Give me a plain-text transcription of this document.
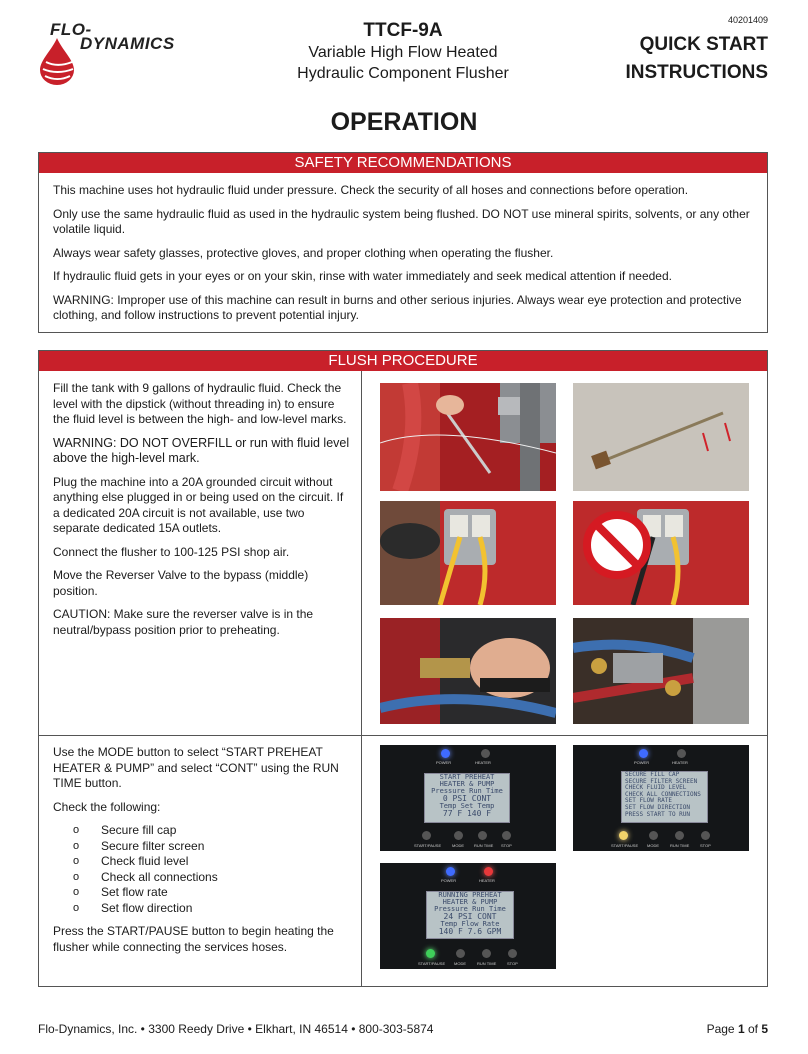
FLO-
DYNAMICS
TTCF-9A
Variable High Flow Heated
Hydraulic Component Flusher
40201409
QUICK START
INSTRUCTIONS
OPERATION
SAFETY RECOMMENDATIONS

This machine uses hot hydraulic fluid under pressure. Check the security of all hoses and connections before operation.

Only use the same hydraulic fluid as used in the hydraulic system being flushed. DO NOT use mineral spirits, solvents, or any other volatile liquid.

Always wear safety glasses, protective gloves, and proper clothing when operating the flusher.

If hydraulic fluid gets in your eyes or on your skin, rinse with water immediately and seek medical attention if needed.

WARNING: Improper use of this machine can result in burns and other serious injuries. Always wear eye protection and protective clothing, and follow instructions to prevent potential injury.

FLUSH PROCEDURE

Fill the tank with 9 gallons of hydraulic fluid. Check the level with the dipstick (without threading in) to ensure the fluid level is between the high- and low-level marks.

WARNING: DO NOT OVERFILL or run with fluid level above the high-level mark.

Plug the machine into a 20A grounded circuit without anything else plugged in or being used on the circuit. If a dedicated 20A circuit is not available, use two separate dedicated 15A outlets.

Connect the flusher to 100-125 PSI shop air.

Move the Reverser Valve to the bypass (middle) position.

CAUTION: Make sure the reverser valve is in the neutral/bypass position prior to preheating.

Use the MODE button to select “START PREHEAT HEATER & PUMP” and select “CONT” using the RUN TIME button.

Check the following:

o Secure fill cap
o Secure filter screen
o Check fluid level
o Check all connections
o Set flow rate
o Set flow direction

Press the START/PAUSE button to begin heating the flusher while connecting the services hoses.

POWER	HEATER
START PREHEAT
HEATER & PUMP
Pressure Run Time
0 PSI CONT
Temp Set Temp
77 F 140 F
START/PAUSE	MODE	RUN TIME STOP
POWER	HEATER
SECURE FILL CAP
SECURE FILTER SCREEN
CHECK FLUID LEVEL
CHECK ALL CONNECTIONS
SET FLOW RATE
SET FLOW DIRECTION
PRESS START TO RUN
START/PAUSE MODE	RUN TIME	STOP
POWER	HEATER
RUNNING PREHEAT
HEATER & PUMP
Pressure Run Time
24 PSI CONT
Temp Flow Rate
140 F 7.6 GPM
START/PAUSE MODE	RUN TIME	STOP
Flo-Dynamics, Inc. • 3300 Reedy Drive • Elkhart, IN 46514 • 800-303-5874	Page 1 of 5
